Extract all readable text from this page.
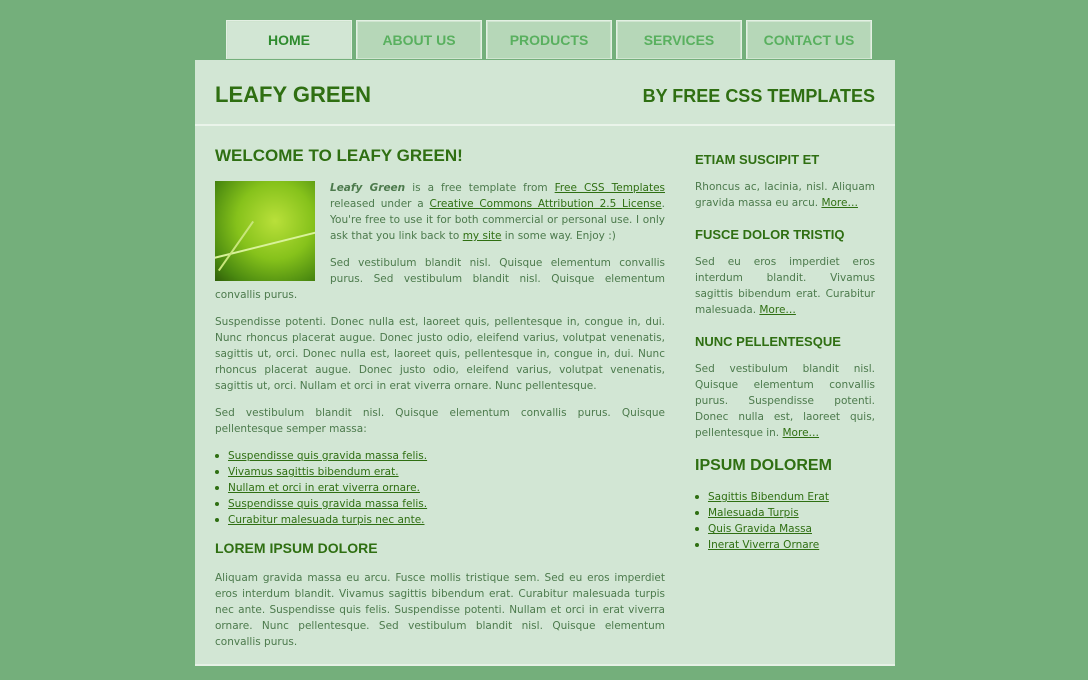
HOME	ABOUT US	PRODUCTS	SERVICES	CONTACT US
LEAFY GREEN	BY FREE CSS TEMPLATES
WELCOME TO LEAFY GREEN!

Leafy Green is a free template from Free CSS Templates released under a Creative Commons Attribution 2.5 License. You're free to use it for both commercial or personal use. I only ask that you link back to my site in some way. Enjoy :)

Sed vestibulum blandit nisl. Quisque elementum convallis purus. Sed vestibulum blandit nisl. Quisque elementum convallis purus.

Suspendisse potenti. Donec nulla est, laoreet quis, pellentesque in, congue in, dui. Nunc rhoncus placerat augue. Donec justo odio, eleifend varius, volutpat venenatis, sagittis ut, orci. Donec nulla est, laoreet quis, pellentesque in, congue in, dui. Nunc rhoncus placerat augue. Donec justo odio, eleifend varius, volutpat venenatis, sagittis ut, orci. Nullam et orci in erat viverra ornare. Nunc pellentesque.

Sed vestibulum blandit nisl. Quisque elementum convallis purus. Quisque pellentesque semper massa:

Suspendisse quis gravida massa felis.
Vivamus sagittis bibendum erat.
Nullam et orci in erat viverra ornare.
Suspendisse quis gravida massa felis.
Curabitur malesuada turpis nec ante.
LOREM IPSUM DOLORE

Aliquam gravida massa eu arcu. Fusce mollis tristique sem. Sed eu eros imperdiet eros interdum blandit. Vivamus sagittis bibendum erat. Curabitur malesuada turpis nec ante. Suspendisse quis felis. Suspendisse potenti. Nullam et orci in erat viverra ornare. Nunc pellentesque. Sed vestibulum blandit nisl. Quisque elementum convallis purus.

ETIAM SUSCIPIT ET

Rhoncus ac, lacinia, nisl. Aliquam gravida massa eu arcu. More…

FUSCE DOLOR TRISTIQ

Sed eu eros imperdiet eros interdum blandit. Vivamus sagittis bibendum erat. Curabitur malesuada. More…

NUNC PELLENTESQUE

Sed vestibulum blandit nisl. Quisque elementum convallis purus. Suspendisse potenti. Donec nulla est, laoreet quis, pellentesque in. More…

IPSUM DOLOREM
Sagittis Bibendum Erat
Malesuada Turpis
Quis Gravida Massa
Inerat Viverra Ornare
